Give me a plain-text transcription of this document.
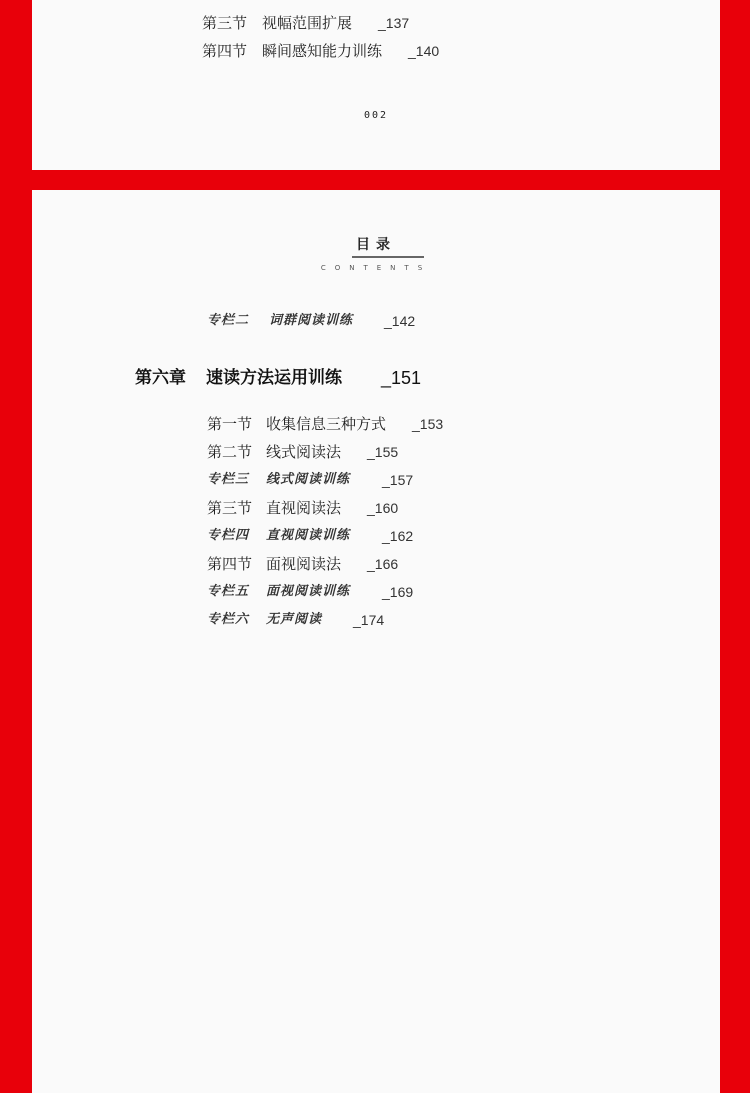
第三节 视幅范围扩展 _137
第四节 瞬间感知能力训练 _140
002
目录
CONTENTS
专栏二 词群阅读训练 _142
第六章 速读方法运用训练 _151
第一节 收集信息三种方式 _153
第二节 线式阅读法 _155
专栏三 线式阅读训练 _157
第三节 直视阅读法 _160
专栏四 直视阅读训练 _162
第四节 面视阅读法 _166
专栏五 面视阅读训练 _169
专栏六 无声阅读 _174
